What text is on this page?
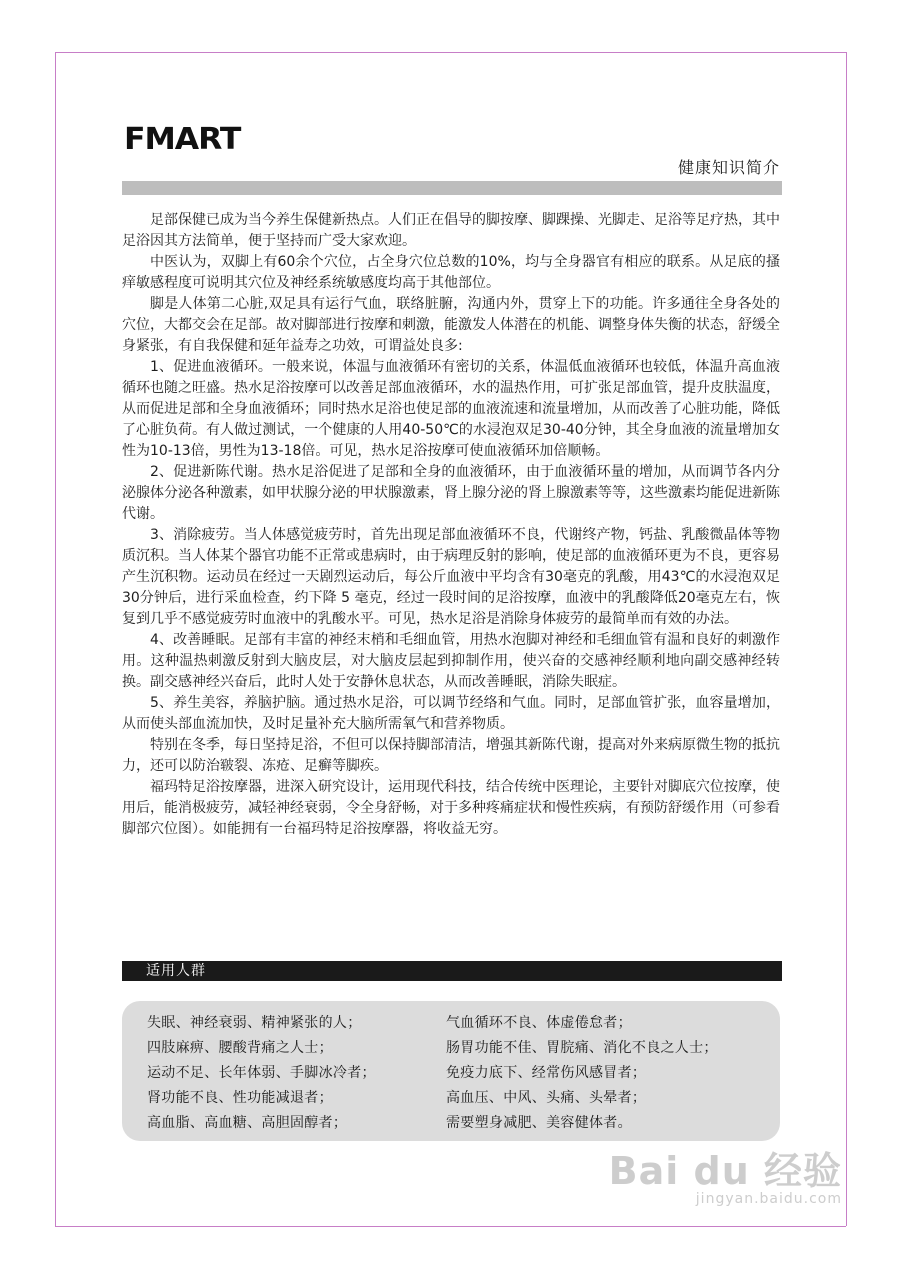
FMART
健康知识简介

足部保健已成为当今养生保健新热点。人们正在倡导的脚按摩、脚踝操、光脚走、足浴等足疗热，其中足浴因其方法简单，便于坚持而广受大家欢迎。

中医认为，双脚上有60余个穴位，占全身穴位总数的10%，均与全身器官有相应的联系。从足底的搔痒敏感程度可说明其穴位及神经系统敏感度均高于其他部位。

脚是人体第二心脏,双足具有运行气血，联络脏腑，沟通内外，贯穿上下的功能。许多通往全身各处的穴位，大都交会在足部。故对脚部进行按摩和刺激，能激发人体潜在的机能、调整身体失衡的状态，舒缓全身紧张，有自我保健和延年益寿之功效，可谓益处良多:

1、促进血液循环。一般来说，体温与血液循环有密切的关系，体温低血液循环也较低，体温升高血液循环也随之旺盛。热水足浴按摩可以改善足部血液循环，水的温热作用，可扩张足部血管，提升皮肤温度，从而促进足部和全身血液循环；同时热水足浴也使足部的血液流速和流量增加，从而改善了心脏功能，降低了心脏负荷。有人做过测试，一个健康的人用40-50℃的水浸泡双足30-40分钟，其全身血液的流量增加女性为10-13倍，男性为13-18倍。可见，热水足浴按摩可使血液循环加倍顺畅。

2、促进新陈代谢。热水足浴促进了足部和全身的血液循环，由于血液循环量的增加，从而调节各内分泌腺体分泌各种激素，如甲状腺分泌的甲状腺激素，肾上腺分泌的肾上腺激素等等，这些激素均能促进新陈代谢。

3、消除疲劳。当人体感觉疲劳时，首先出现足部血液循环不良，代谢终产物，钙盐、乳酸微晶体等物质沉积。当人体某个器官功能不正常或患病时，由于病理反射的影响，使足部的血液循环更为不良，更容易产生沉积物。运动员在经过一天剧烈运动后，每公斤血液中平均含有30毫克的乳酸，用43℃的水浸泡双足30分钟后，进行采血检查，约下降 5 毫克，经过一段时间的足浴按摩，血液中的乳酸降低20毫克左右，恢复到几乎不感觉疲劳时血液中的乳酸水平。可见，热水足浴是消除身体疲劳的最简单而有效的办法。

4、改善睡眠。足部有丰富的神经末梢和毛细血管，用热水泡脚对神经和毛细血管有温和良好的刺激作用。这种温热刺激反射到大脑皮层，对大脑皮层起到抑制作用，使兴奋的交感神经顺利地向副交感神经转换。副交感神经兴奋后，此时人处于安静休息状态，从而改善睡眠，消除失眠症。

5、养生美容，养脑护脑。通过热水足浴，可以调节经络和气血。同时，足部血管扩张，血容量增加，从而使头部血流加快，及时足量补充大脑所需氧气和营养物质。

特别在冬季，每日坚持足浴，不但可以保持脚部清洁，增强其新陈代谢，提高对外来病原微生物的抵抗力，还可以防治皲裂、冻疮、足癣等脚疾。

福玛特足浴按摩器，进深入研究设计，运用现代科技，结合传统中医理论，主要针对脚底穴位按摩，使用后，能消极疲劳，减轻神经衰弱，令全身舒畅，对于多种疼痛症状和慢性疾病，有预防舒缓作用（可参看脚部穴位图）。如能拥有一台福玛特足浴按摩器，将收益无穷。

适用人群
失眠、神经衰弱、精神紧张的人；
四肢麻痹、腰酸背痛之人士；
运动不足、长年体弱、手脚冰冷者；
肾功能不良、性功能减退者；
高血脂、高血糖、高胆固醇者；
气血循环不良、体虚倦怠者；
肠胃功能不佳、胃脘痛、消化不良之人士；
免疫力底下、经常伤风感冒者；
高血压、中风、头痛、头晕者；
需要塑身减肥、美容健体者。
Bai du 经验
jingyan.baidu.com
